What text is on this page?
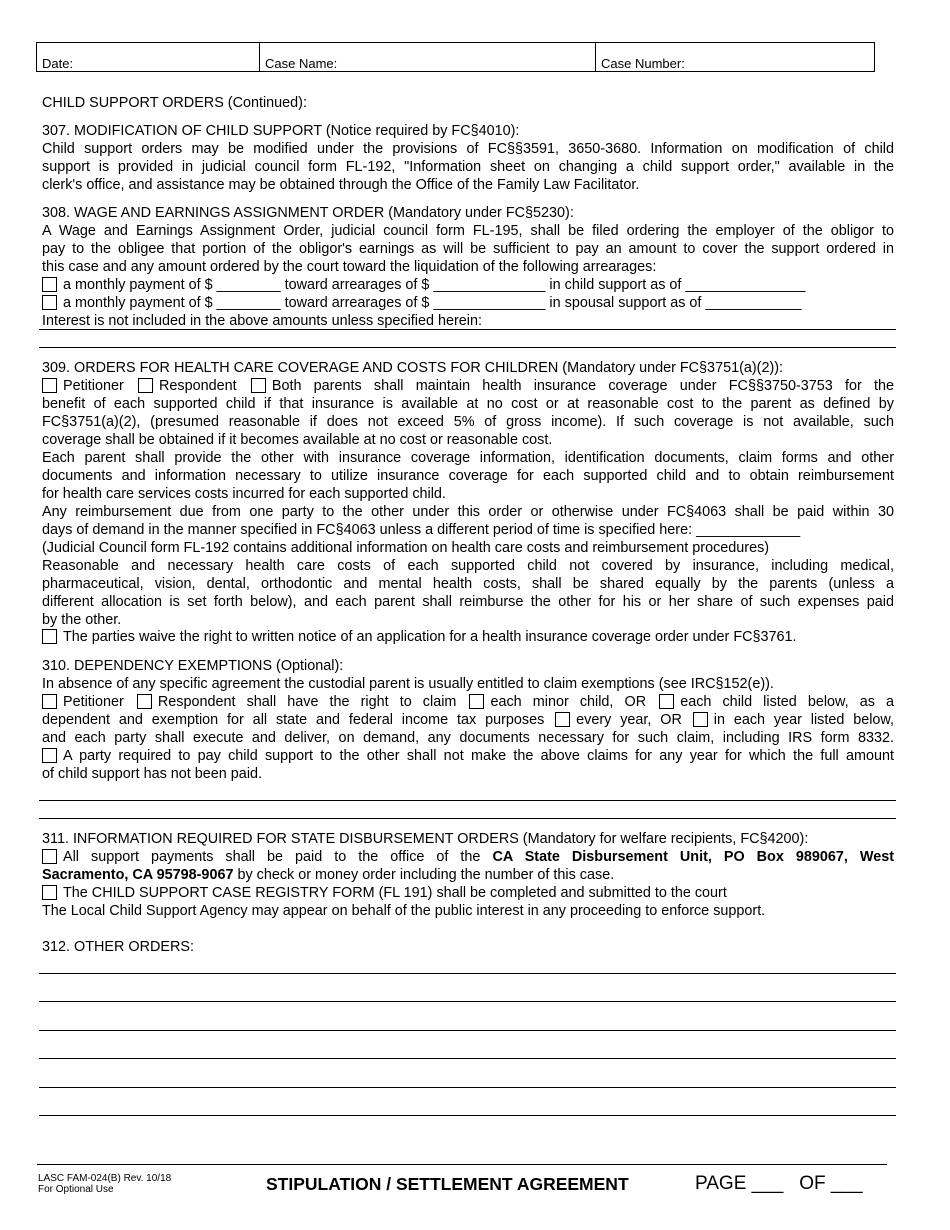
Date:	Case Name:	Case Number:
CHILD SUPPORT ORDERS (Continued):
307. MODIFICATION OF CHILD SUPPORT (Notice required by FC§4010):
Child support orders may be modified under the provisions of FC§§3591, 3650-3680. Information on modification of child
support is provided in judicial council form FL-192, "Information sheet on changing a child support order," available in the
clerk's office, and assistance may be obtained through the Office of the Family Law Facilitator.
308. WAGE AND EARNINGS ASSIGNMENT ORDER (Mandatory under FC§5230):
A Wage and Earnings Assignment Order, judicial council form FL-195, shall be filed ordering the employer of the obligor to
pay to the obligee that portion of the obligor's earnings as will be sufficient to pay an amount to cover the support ordered in
this case and any amount ordered by the court toward the liquidation of the following arrearages:
a monthly payment of $ ________ toward arrearages of $ ______________ in child support as of _______________
a monthly payment of $ ________ toward arrearages of $ ______________ in spousal support as of ____________
Interest is not included in the above amounts unless specified herein:
309. ORDERS FOR HEALTH CARE COVERAGE AND COSTS FOR CHILDREN (Mandatory under FC§3751(a)(2)):
Petitioner Respondent Both parents shall maintain health insurance coverage under FC§§3750-3753 for the
benefit of each supported child if that insurance is available at no cost or at reasonable cost to the parent as defined by
FC§3751(a)(2), (presumed reasonable if does not exceed 5% of gross income). If such coverage is not available, such
coverage shall be obtained if it becomes available at no cost or reasonable cost.
Each parent shall provide the other with insurance coverage information, identification documents, claim forms and other
documents and information necessary to utilize insurance coverage for each supported child and to obtain reimbursement
for health care services costs incurred for each supported child.
Any reimbursement due from one party to the other under this order or otherwise under FC§4063 shall be paid within 30
days of demand in the manner specified in FC§4063 unless a different period of time is specified here: _____________
(Judicial Council form FL-192 contains additional information on health care costs and reimbursement procedures)
Reasonable and necessary health care costs of each supported child not covered by insurance, including medical,
pharmaceutical, vision, dental, orthodontic and mental health costs, shall be shared equally by the parents (unless a
different allocation is set forth below), and each parent shall reimburse the other for his or her share of such expenses paid
by the other.
The parties waive the right to written notice of an application for a health insurance coverage order under FC§3761.
310. DEPENDENCY EXEMPTIONS (Optional):
In absence of any specific agreement the custodial parent is usually entitled to claim exemptions (see IRC§152(e)).
Petitioner Respondent shall have the right to claim each minor child, OR each child listed below, as a
dependent and exemption for all state and federal income tax purposes every year, OR in each year listed below,
and each party shall execute and deliver, on demand, any documents necessary for such claim, including IRS form 8332.
A party required to pay child support to the other shall not make the above claims for any year for which the full amount
of child support has not been paid.
311. INFORMATION REQUIRED FOR STATE DISBURSEMENT ORDERS (Mandatory for welfare recipients, FC§4200):
All support payments shall be paid to the office of the CA State Disbursement Unit, PO Box 989067, West
Sacramento, CA 95798-9067 by check or money order including the number of this case.
The CHILD SUPPORT CASE REGISTRY FORM (FL 191) shall be completed and submitted to the court
The Local Child Support Agency may appear on behalf of the public interest in any proceeding to enforce support.
312. OTHER ORDERS:
LASC FAM-024(B) Rev. 10/18
For Optional Use	STIPULATION / SETTLEMENT AGREEMENT	PAGE ___   OF ___
